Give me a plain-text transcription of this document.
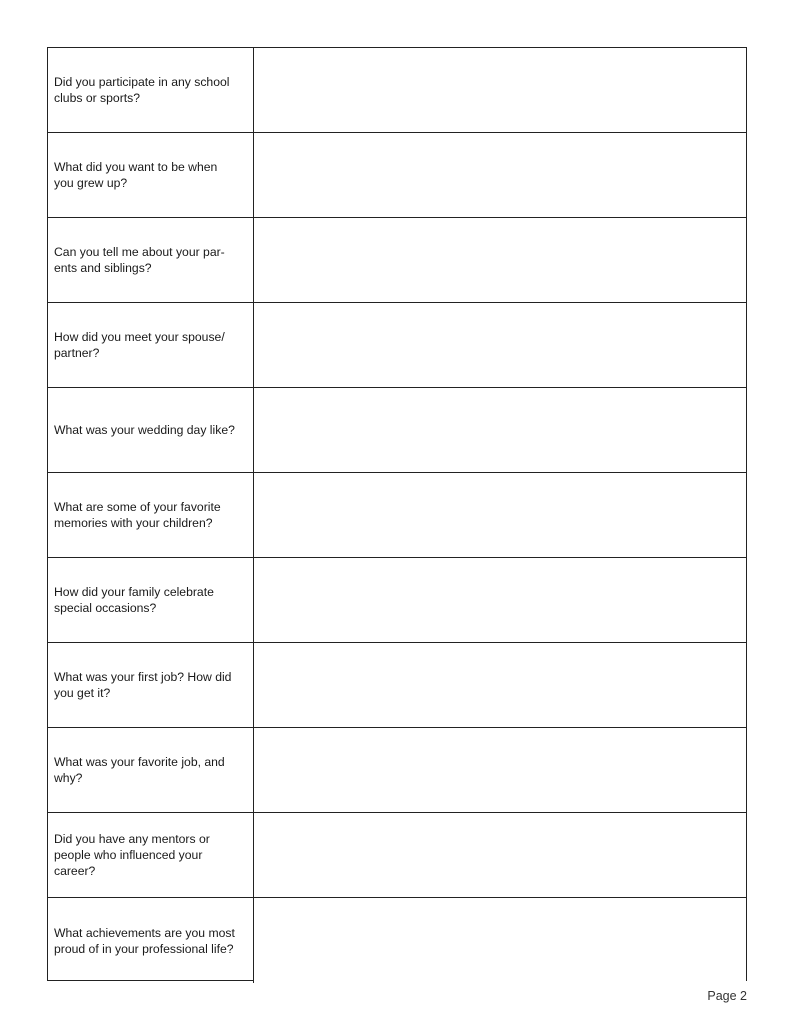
Did you participate in any school
clubs or sports?

What did you want to be when
you grew up?

Can you tell me about your par-
ents and siblings?

How did you meet your spouse/
partner?

What was your wedding day like?

What are some of your favorite
memories with your children?

How did your family celebrate
special occasions?

What was your first job? How did
you get it?

What was your favorite job, and
why?

Did you have any mentors or
people who influenced your
career?

What achievements are you most
proud of in your professional life?

Page 2
